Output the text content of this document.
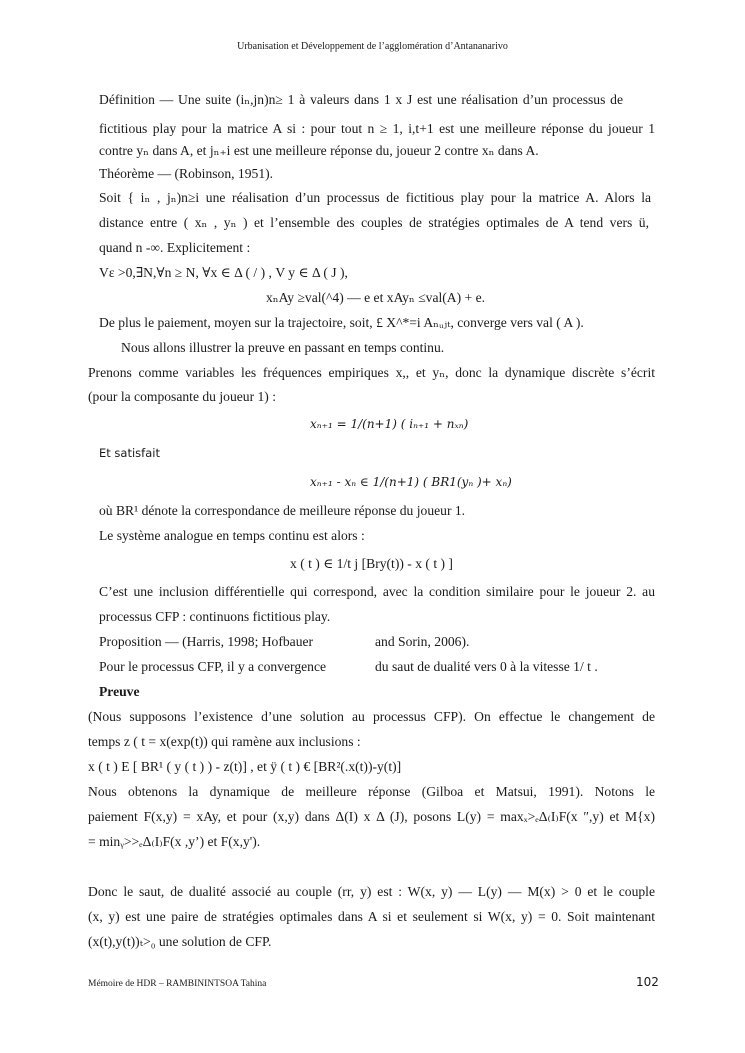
Urbanisation et Développement de l’agglomération d’Antananarivo
Définition — Une suite (iₙ,jn)n≥ 1 à valeurs dans 1 x J est une réalisation d’un processus de
fictitious play pour la matrice A si : pour tout n ≥ 1, i,t+1 est une meilleure réponse du joueur 1
contre yₙ dans A, et jₙ₊i est une meilleure réponse du, joueur 2 contre xₙ dans A.
Théorème — (Robinson, 1951).
Soit { iₙ , jₙ)n≥i une réalisation d’un processus de fictitious play pour la matrice A. Alors la
distance entre ( xₙ , yₙ ) et l’ensemble des couples de stratégies optimales de A tend vers ü,
quand n -∞. Explicitement :
Vε >0,∃N,∀n ≥ N, ∀x ∈ Δ ( / ) , V y ∈ Δ ( J ),
xₙAy ≥val(^4) — e et xAyₙ ≤val(A) + e.
De plus le paiement, moyen sur la trajectoire, soit, £ X^*=i Aₙᵤⱼₜ, converge vers val ( A ).
Nous allons illustrer la preuve en passant en temps continu.
Prenons comme variables les fréquences empiriques x,, et yₙ, donc la dynamique discrète s’écrit
(pour la composante du joueur 1) :
xₙ₊₁ = 1/(n+1) ( iₙ₊₁ + nₓₙ)
Et satisfait
xₙ₊₁ - xₙ ∈ 1/(n+1) ( BR1(yₙ )+ xₙ)
où BR¹ dénote la correspondance de meilleure réponse du joueur 1.
Le système analogue en temps continu est alors :
x ( t ) ∈ 1/t j [Bry(t)) - x ( t ) ]
C’est une inclusion différentielle qui correspond, avec la condition similaire pour le joueur 2. au
processus CFP : continuons fictitious play.
Proposition — (Harris, 1998; Hofbauer	and Sorin, 2006).
Pour le processus CFP, il y a convergence	du saut de dualité vers 0 à la vitesse 1/ t .
Preuve
(Nous supposons l’existence d’une solution au processus CFP). On effectue le changement de
temps z ( t = x(exp(t)) qui ramène aux inclusions :
x ( t ) E [ BR¹ ( y ( t ) ) - z(t)] , et ÿ ( t ) € [BR²(.x(t))-y(t)]
Nous obtenons la dynamique de meilleure réponse (Gilboa et Matsui, 1991). Notons le
paiement F(x,y) = xAy, et pour (x,y) dans Δ(I) x Δ (J), posons L(y) = maxₓ>ₑΔ₍I₎F(x ″,y) et M{x)
= minᵧ>>ₑΔ₍I₎F(x ,y’) et F(x,y').
Donc le saut, de dualité associé au couple (rr, y) est : W(x, y) — L(y) — M(x) > 0 et le couple
(x, y) est une paire de stratégies optimales dans A si et seulement si W(x, y) = 0. Soit maintenant
(x(t),y(t))ₜ>₀ une solution de CFP.
Mémoire de HDR – RAMBININTSOA Tahina	102
